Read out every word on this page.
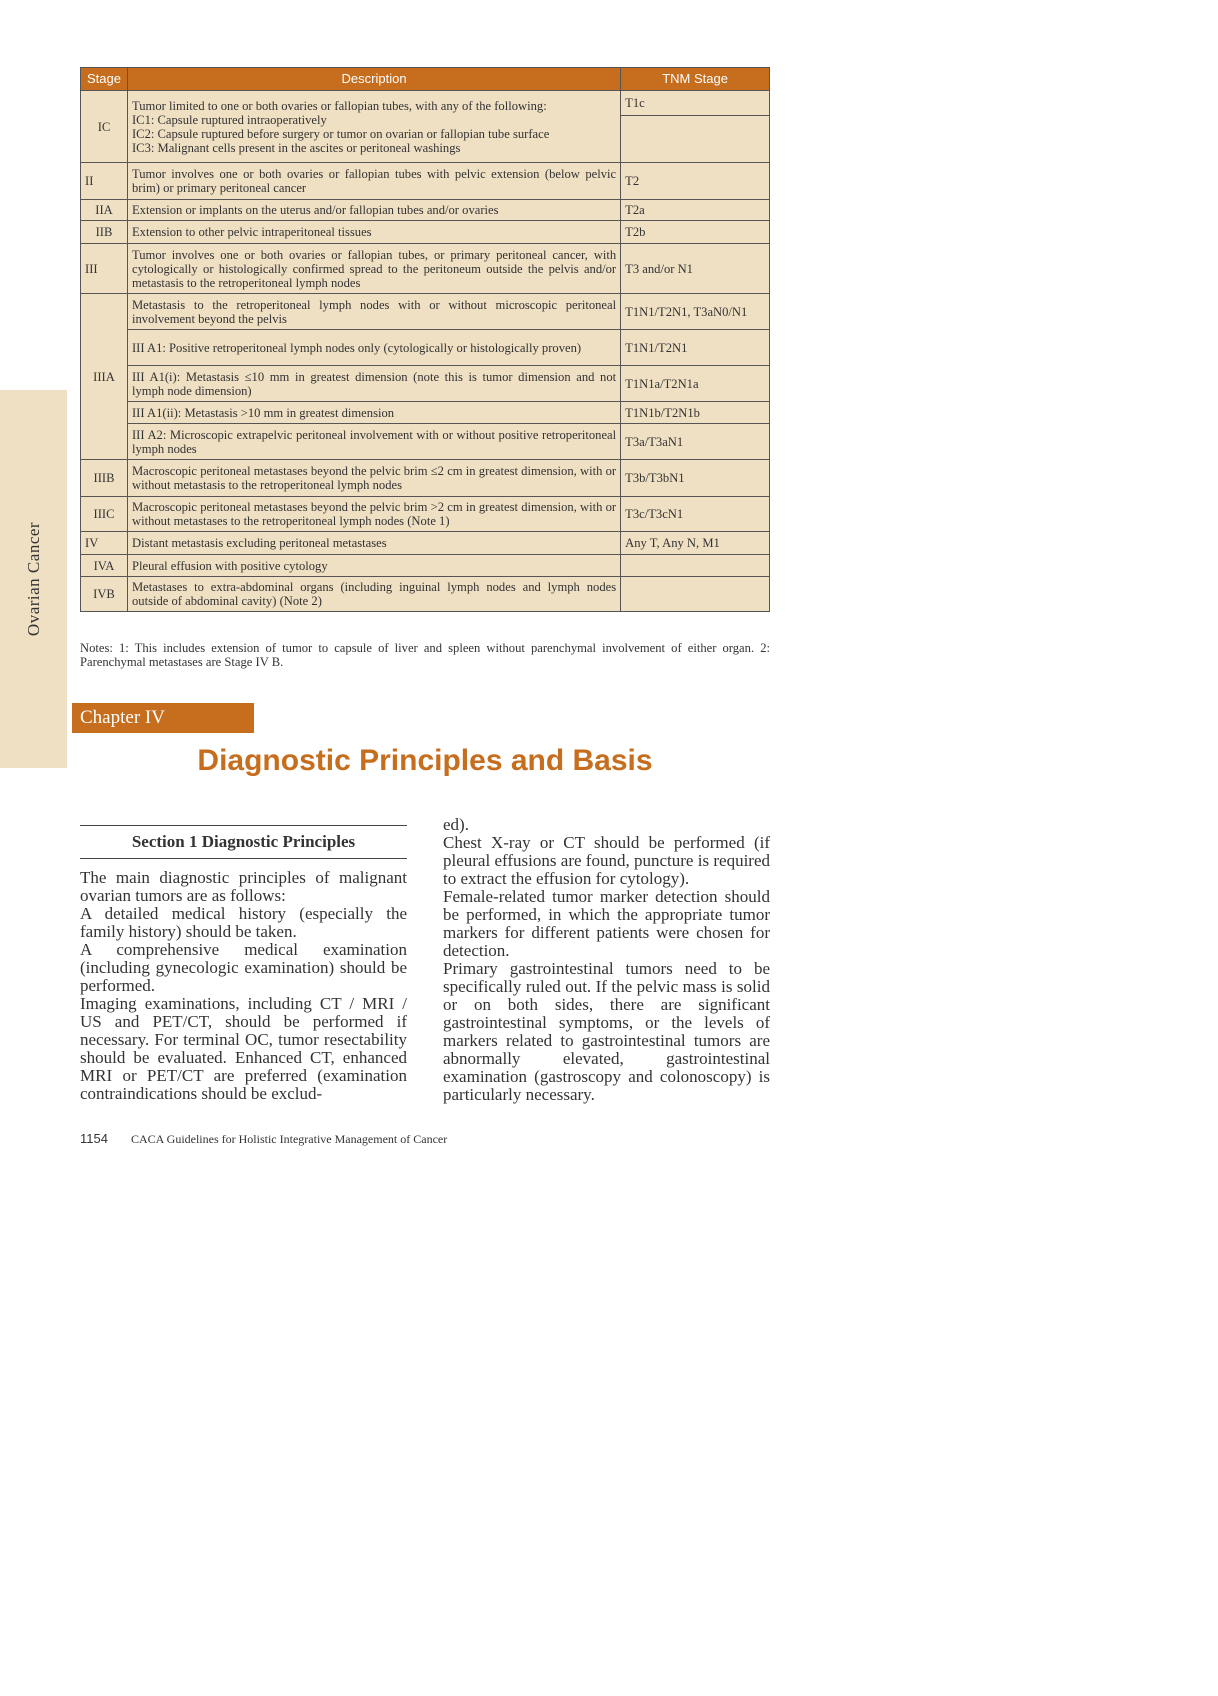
Ovarian Cancer
Stage	Description	TNM Stage
IC	Tumor limited to one or both ovaries or fallopian tubes, with any of the following:
IC1: Capsule ruptured intraoperatively
IC2: Capsule ruptured before surgery or tumor on ovarian or fallopian tube surface
IC3: Malignant cells present in the ascites or peritoneal washings	T1c

II	Tumor involves one or both ovaries or fallopian tubes with pelvic extension (below pelvic brim) or primary peritoneal cancer	T2
IIA	Extension or implants on the uterus and/or fallopian tubes and/or ovaries	T2a
IIB	Extension to other pelvic intraperitoneal tissues	T2b
III	Tumor involves one or both ovaries or fallopian tubes, or primary peritoneal cancer, with cytologically or histologically confirmed spread to the peritoneum outside the pelvis and/or metastasis to the retroperitoneal lymph nodes	T3 and/or N1
IIIA	Metastasis to the retroperitoneal lymph nodes with or without microscopic peritoneal involvement beyond the pelvis	T1N1/T2N1, T3aN0/N1
	III A1: Positive retroperitoneal lymph nodes only (cytologically or histologically proven)	T1N1/T2N1
	III A1(i): Metastasis ≤10 mm in greatest dimension (note this is tumor dimension and not lymph node dimension)	T1N1a/T2N1a
	III A1(ii): Metastasis >10 mm in greatest dimension	T1N1b/T2N1b
	III A2: Microscopic extrapelvic peritoneal involvement with or without positive retroperitoneal lymph nodes	T3a/T3aN1
IIIB	Macroscopic peritoneal metastases beyond the pelvic brim ≤2 cm in greatest dimension, with or without metastasis to the retroperitoneal lymph nodes	T3b/T3bN1
IIIC	Macroscopic peritoneal metastases beyond the pelvic brim >2 cm in greatest dimension, with or without metastases to the retroperitoneal lymph nodes (Note 1)	T3c/T3cN1
IV	Distant metastasis excluding peritoneal metastases	Any T, Any N, M1
IVA	Pleural effusion with positive cytology	
IVB	Metastases to extra-abdominal organs (including inguinal lymph nodes and lymph nodes outside of abdominal cavity) (Note 2)	
Notes: 1: This includes extension of tumor to capsule of liver and spleen without parenchymal involvement of either organ. 2: Parenchymal metastases are Stage IV B.
Chapter IV
Diagnostic Principles and Basis
Section 1 Diagnostic Principles

The main diagnostic principles of malignant ovarian tumors are as follows:

A detailed medical history (especially the family history) should be taken.

A comprehensive medical examination (including gynecologic examination) should be performed.

Imaging examinations, including CT / MRI / US and PET/CT, should be performed if necessary. For terminal OC, tumor resectability should be evaluated. Enhanced CT, enhanced MRI or PET/CT are preferred (examination contraindications should be exclud-

ed).

Chest X-ray or CT should be performed (if pleural effusions are found, puncture is required to extract the effusion for cytology).

Female-related tumor marker detection should be performed, in which the appropriate tumor markers for different patients were chosen for detection.

Primary gastrointestinal tumors need to be specifically ruled out. If the pelvic mass is solid or on both sides, there are significant gastrointestinal symptoms, or the levels of markers related to gastrointestinal tumors are abnormally elevated, gastrointestinal examination (gastroscopy and colonoscopy) is particularly necessary.

1154 CACA Guidelines for Holistic Integrative Management of Cancer
